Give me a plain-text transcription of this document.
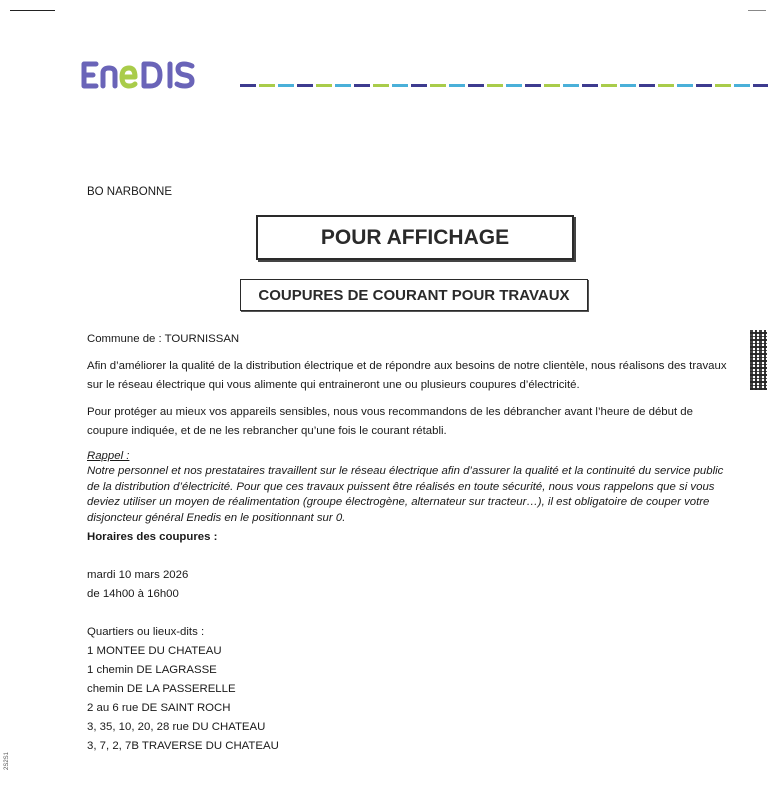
BO NARBONNE
POUR AFFICHAGE
COUPURES DE COURANT POUR TRAVAUX
Commune de : TOURNISSAN
Afin d’améliorer la qualité de la distribution électrique et de répondre aux besoins de notre clientèle, nous réalisons des travaux sur le réseau électrique qui vous alimente qui entraineront une ou plusieurs coupures d’électricité.
Pour protéger au mieux vos appareils sensibles, nous vous recommandons de les débrancher avant l’heure de début de coupure indiquée, et de ne les rebrancher qu’une fois le courant rétabli.
Rappel :
Notre personnel et nos prestataires travaillent sur le réseau électrique afin d’assurer la qualité et la continuité du service public de la distribution d’électricité. Pour que ces travaux puissent être réalisés en toute sécurité, nous vous rappelons que si vous deviez utiliser un moyen de réalimentation (groupe électrogène, alternateur sur tracteur…), il est obligatoire de couper votre disjoncteur général Enedis en le positionnant sur 0.
Horaires des coupures :
mardi 10 mars 2026
de 14h00 à 16h00
Quartiers ou lieux-dits :
1 MONTEE DU CHATEAU
1 chemin DE LAGRASSE
chemin DE LA PASSERELLE
2 au 6 rue DE SAINT ROCH
3, 35, 10, 20, 28 rue DU CHATEAU
3, 7, 2, 7B TRAVERSE DU CHATEAU
2S2S1
